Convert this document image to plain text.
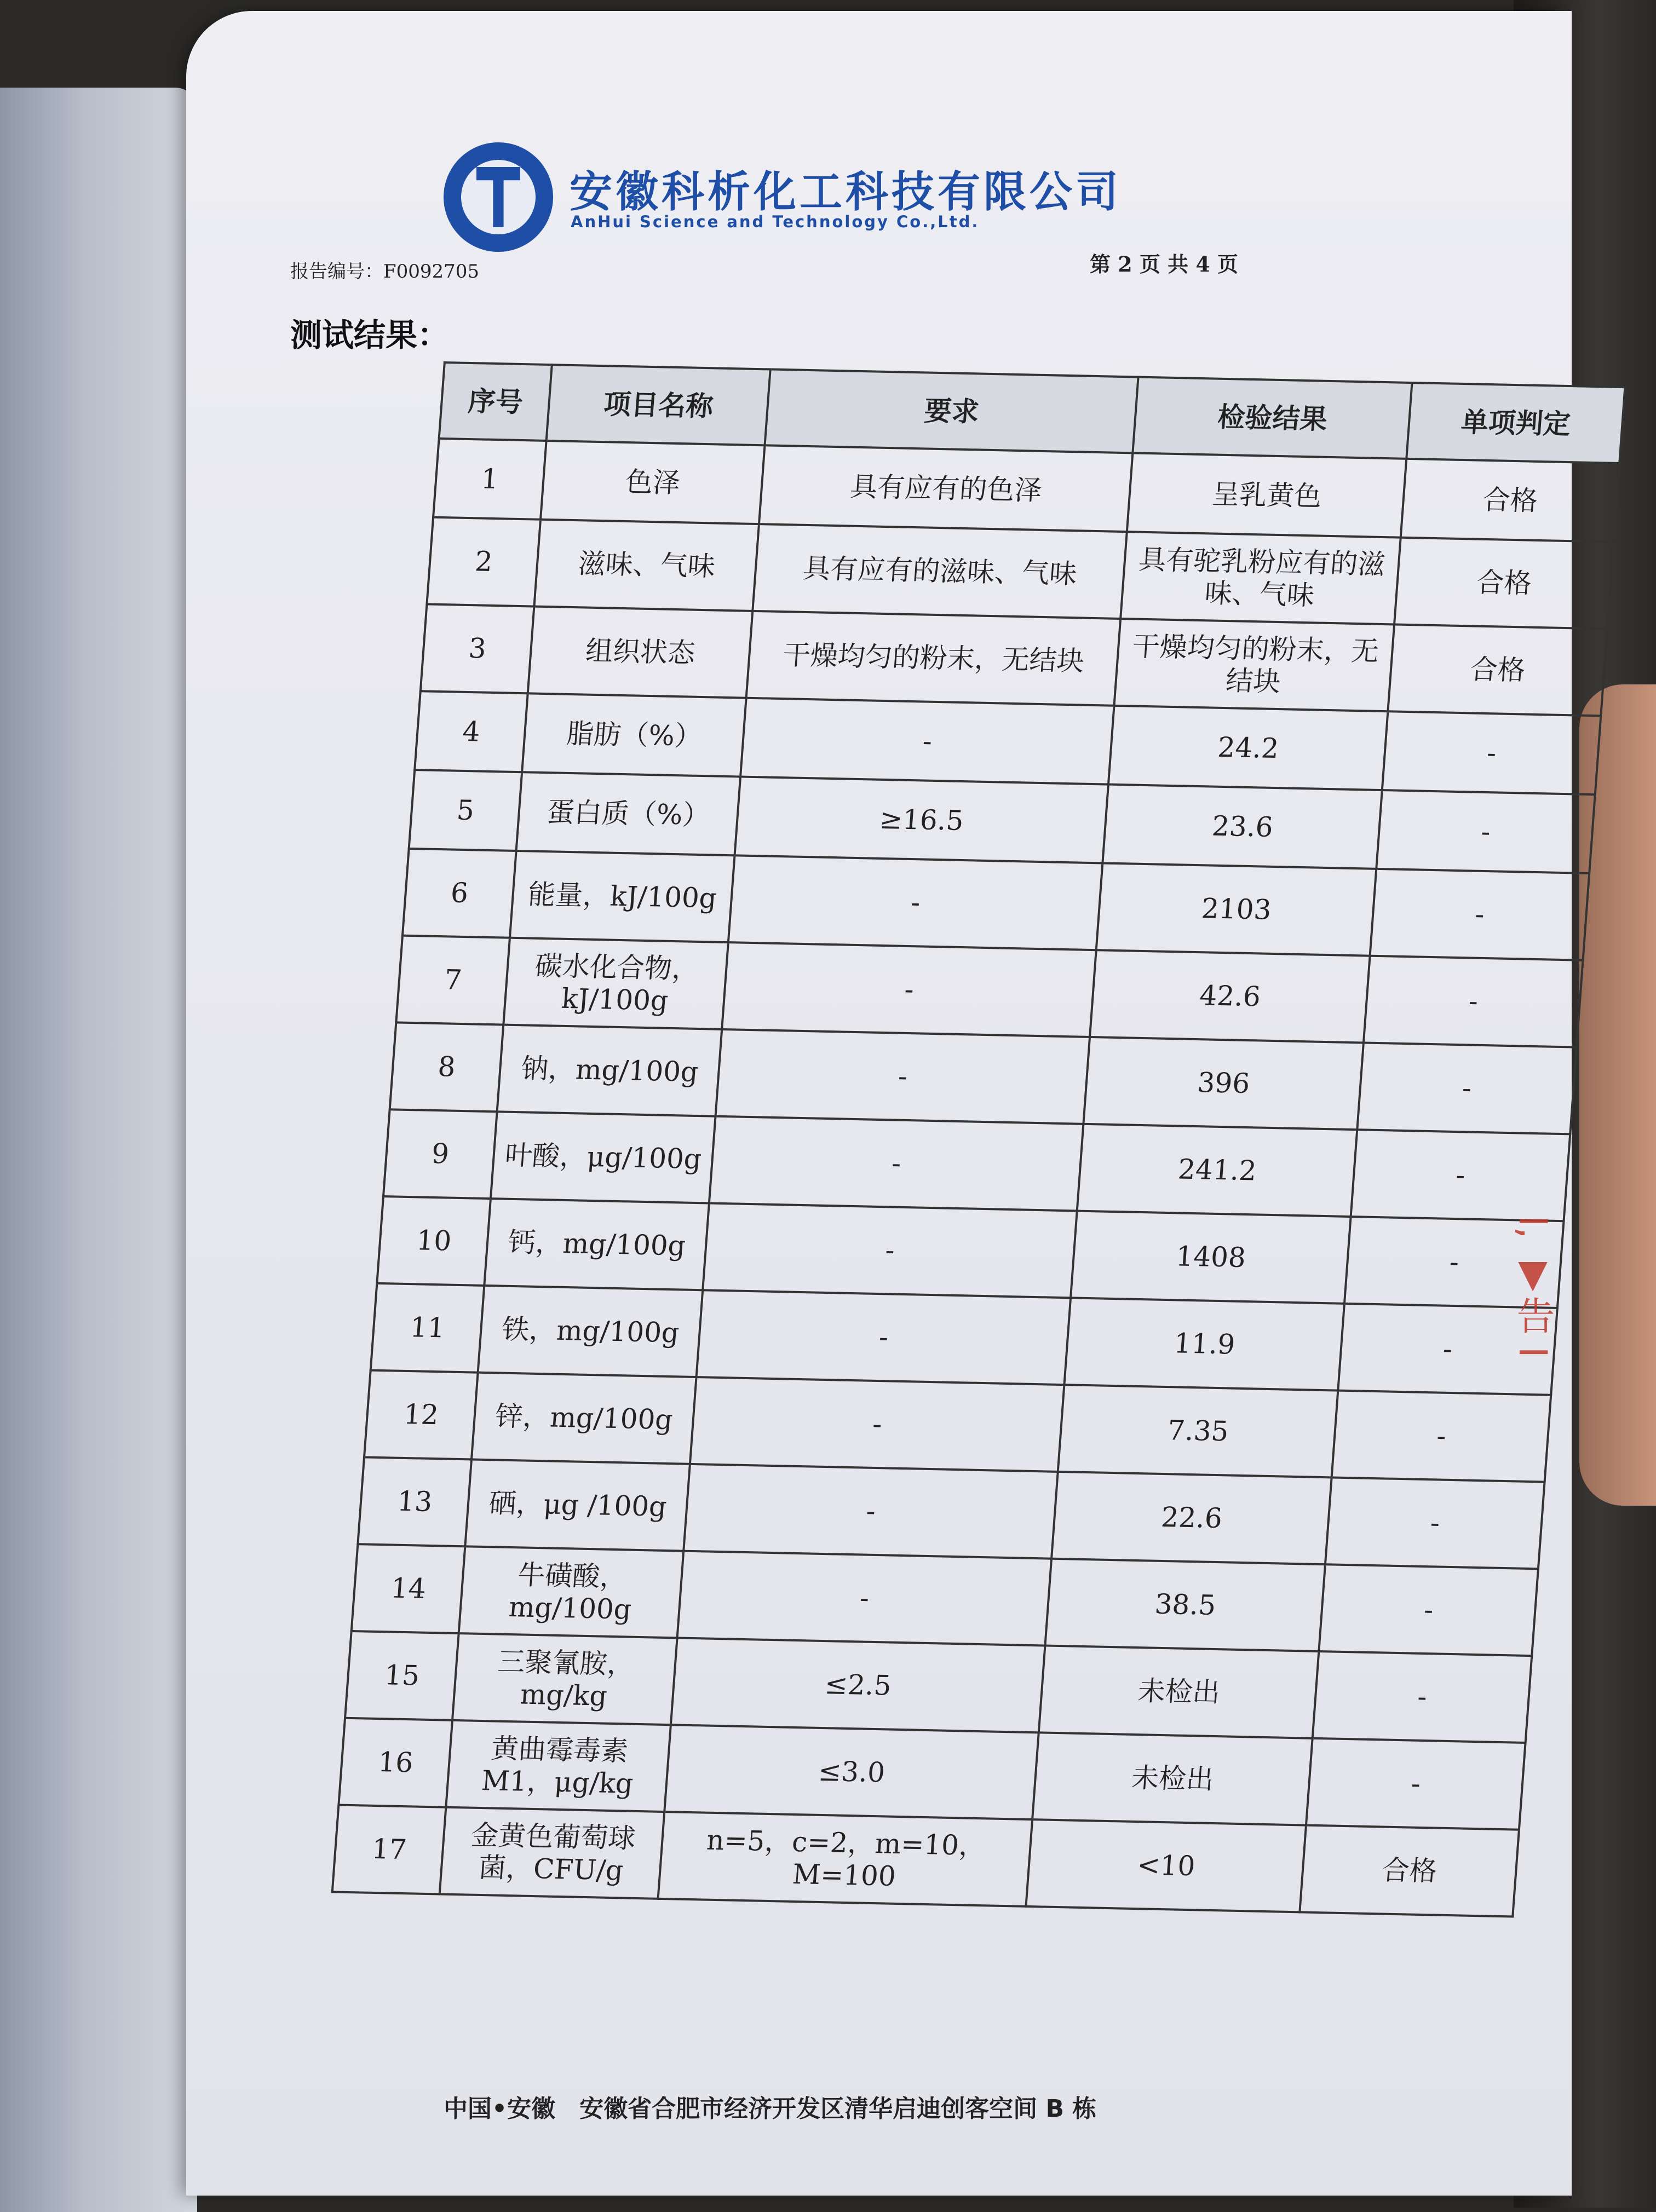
安徽科析化工科技有限公司
AnHui Science and Technology Co.,Ltd.
报告编号：F0092705	第 2 页 共 4 页
测试结果：
序号	项目名称	要求	检验结果	单项判定
1	色泽	具有应有的色泽	呈乳黄色	合格
2	滋味、气味	具有应有的滋味、气味	具有驼乳粉应有的滋味、气味	合格
3	组织状态	干燥均匀的粉末，无结块	干燥均匀的粉末，无结块	合格
4	脂肪（%）	-	24.2	-
5	蛋白质（%）	≥16.5	23.6	-
6	能量，kJ/100g	-	2103	-
7	碳水化合物，kJ/100g	-	42.6	-
8	钠，mg/100g	-	396	-
9	叶酸，μg/100g	-	241.2	-
10	钙，mg/100g	-	1408	-
11	铁，mg/100g	-	11.9	-
12	锌，mg/100g	-	7.35	-
13	硒，μg /100g	-	22.6	-
14	牛磺酸，mg/100g	-	38.5	-
15	三聚氰胺，mg/kg	≤2.5	未检出	-
16	黄曲霉毒素M1，μg/kg	≤3.0	未检出	-
17	金黄色葡萄球菌，CFU/g	n=5，c=2，m=10，M=100	<10	合格
I, ▼告 I
中国•安徽　安徽省合肥市经济开发区清华启迪创客空间 B 栋
